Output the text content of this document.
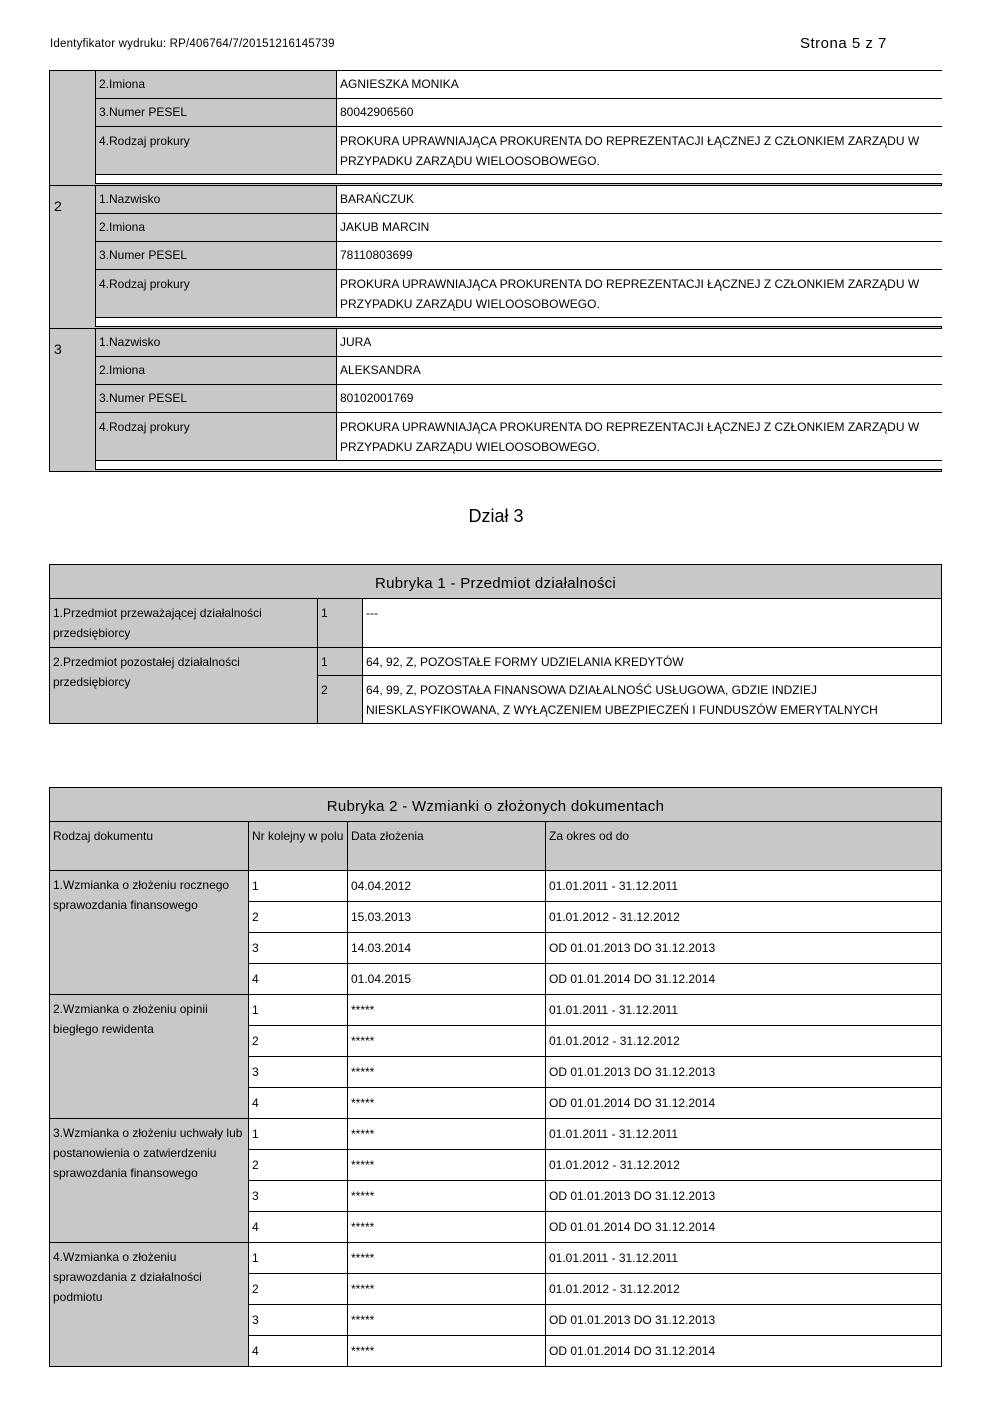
Identyfikator wydruku: RP/406764/7/20151216145739	Strona 5 z 7
2.Imiona	AGNIESZKA MONIKA
3.Numer PESEL	80042906560
4.Rodzaj prokury	PROKURA UPRAWNIAJĄCA PROKURENTA DO REPREZENTACJI ŁĄCZNEJ Z CZŁONKIEM ZARZĄDU W PRZYPADKU ZARZĄDU WIELOOSOBOWEGO.
2	1.Nazwisko	BARAŃCZUK
2.Imiona	JAKUB MARCIN
3.Numer PESEL	78110803699
4.Rodzaj prokury	PROKURA UPRAWNIAJĄCA PROKURENTA DO REPREZENTACJI ŁĄCZNEJ Z CZŁONKIEM ZARZĄDU W PRZYPADKU ZARZĄDU WIELOOSOBOWEGO.
3	1.Nazwisko	JURA
2.Imiona	ALEKSANDRA
3.Numer PESEL	80102001769
4.Rodzaj prokury	PROKURA UPRAWNIAJĄCA PROKURENTA DO REPREZENTACJI ŁĄCZNEJ Z CZŁONKIEM ZARZĄDU W PRZYPADKU ZARZĄDU WIELOOSOBOWEGO.
Dział 3
Rubryka 1 - Przedmiot działalności		
1.Przedmiot przeważającej działalności przedsiębiorcy	1	---
2.Przedmiot pozostałej działalności przedsiębiorcy	1	64, 92, Z, POZOSTAŁE FORMY UDZIELANIA KREDYTÓW
	2	64, 99, Z, POZOSTAŁA FINANSOWA DZIAŁALNOŚĆ USŁUGOWA, GDZIE INDZIEJ NIESKLASYFIKOWANA, Z WYŁĄCZENIEM UBEZPIECZEŃ I FUNDUSZÓW EMERYTALNYCH
Rubryka 2 - Wzmianki o złożonych dokumentach			
Rodzaj dokumentu	Nr kolejny w polu	Data złożenia	Za okres od do
1.Wzmianka o złożeniu rocznego sprawozdania finansowego	1	04.04.2012	01.01.2011 - 31.12.2011
	2	15.03.2013	01.01.2012 - 31.12.2012
	3	14.03.2014	OD 01.01.2013 DO 31.12.2013
	4	01.04.2015	OD 01.01.2014 DO 31.12.2014
2.Wzmianka o złożeniu opinii biegłego rewidenta	1	*****	01.01.2011 - 31.12.2011
	2	*****	01.01.2012 - 31.12.2012
	3	*****	OD 01.01.2013 DO 31.12.2013
	4	*****	OD 01.01.2014 DO 31.12.2014
3.Wzmianka o złożeniu uchwały lub postanowienia o zatwierdzeniu sprawozdania finansowego	1	*****	01.01.2011 - 31.12.2011
	2	*****	01.01.2012 - 31.12.2012
	3	*****	OD 01.01.2013 DO 31.12.2013
	4	*****	OD 01.01.2014 DO 31.12.2014
4.Wzmianka o złożeniu sprawozdania z działalności podmiotu	1	*****	01.01.2011 - 31.12.2011
	2	*****	01.01.2012 - 31.12.2012
	3	*****	OD 01.01.2013 DO 31.12.2013
	4	*****	OD 01.01.2014 DO 31.12.2014
